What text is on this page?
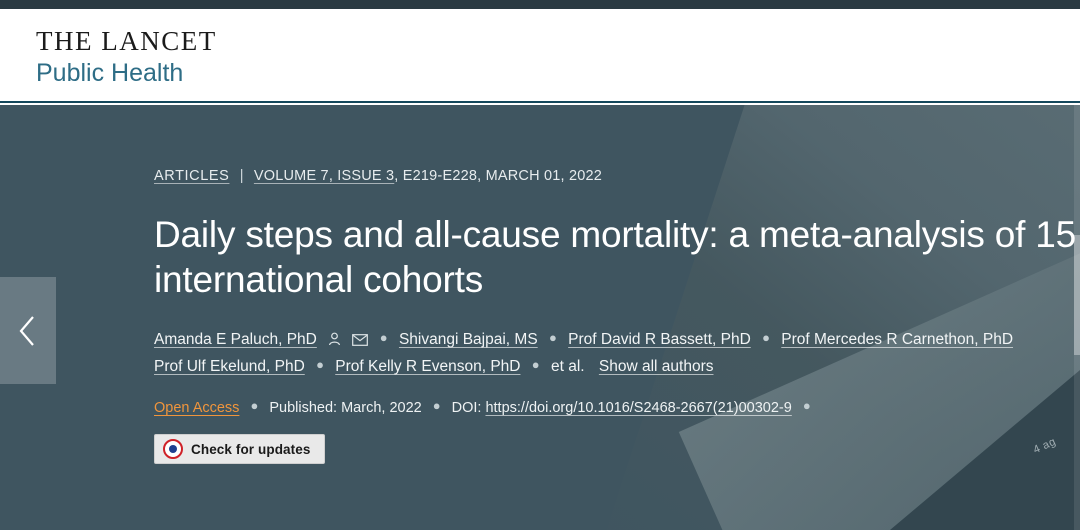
THE LANCET
Public Health
4 ag
ARTICLES | VOLUME 7, ISSUE 3, E219-E228, MARCH 01, 2022
Daily steps and all-cause mortality: a meta-analysis of 15
international cohorts
Amanda E Paluch, PhD	● Shivangi Bajpai, MS ● Prof David R Bassett, PhD ● Prof Mercedes R Carnethon, PhD
Prof Ulf Ekelund, PhD ● Prof Kelly R Evenson, PhD ● et al. Show all authors
Open Access ● Published: March, 2022 ● DOI: https://doi.org/10.1016/S2468-2667(21)00302-9 ●
Check for updates
